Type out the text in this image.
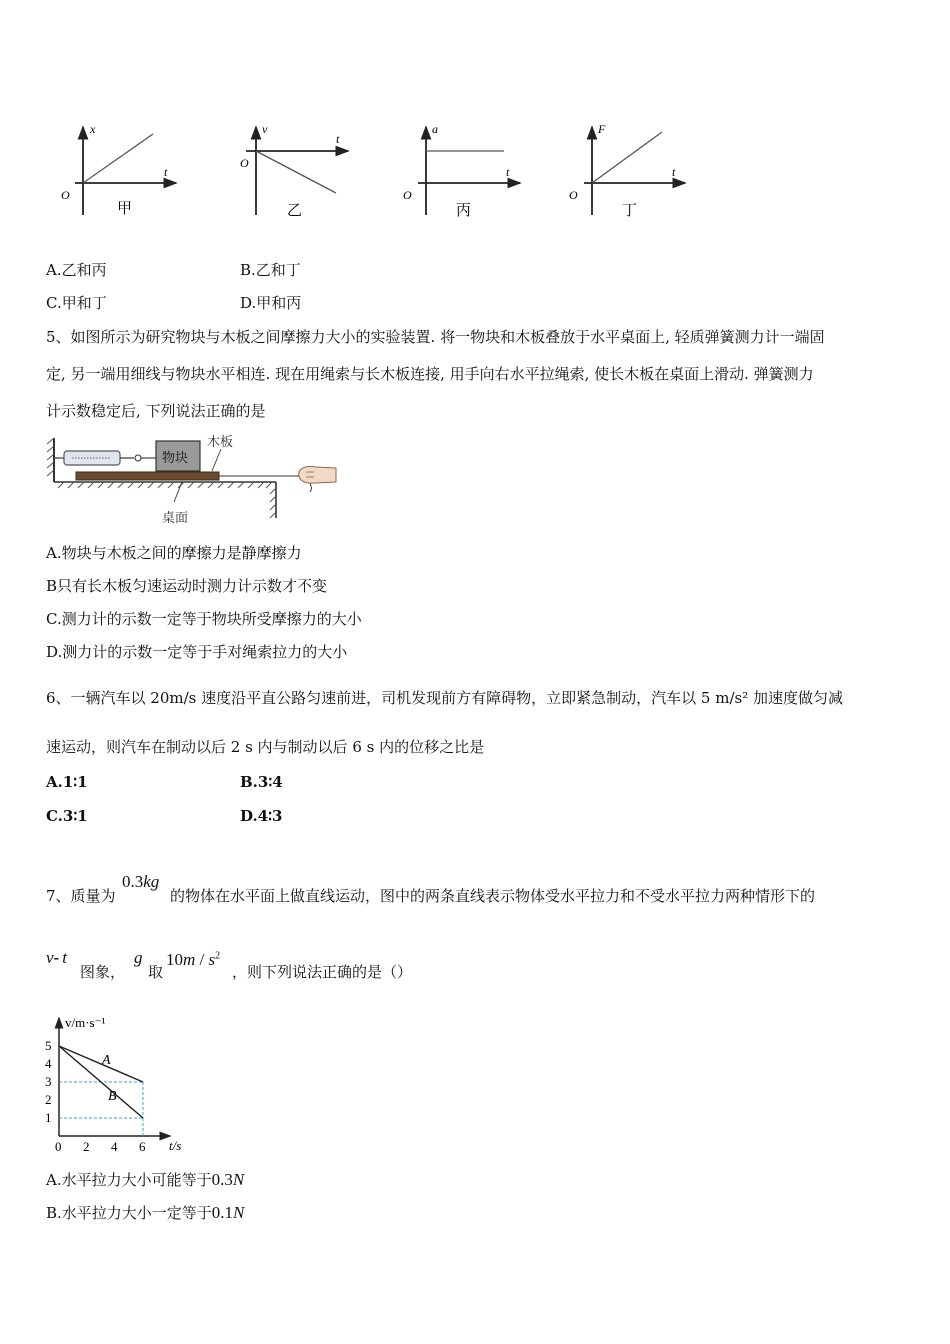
x
t
O
甲
v
t
O
乙
a
t
O
丙
F
t
O
丁
A.乙和丙	B.乙和丁
C.甲和丁	D.甲和丙
5、如图所示为研究物块与木板之间摩擦力大小的实验装置. 将一物块和木板叠放于水平桌面上, 轻质弹簧测力计一端固
定, 另一端用细线与物块水平相连. 现在用绳索与长木板连接, 用手向右水平拉绳索, 使长木板在桌面上滑动. 弹簧测力
计示数稳定后, 下列说法正确的是
物块
木板
桌面
A.物块与木板之间的摩擦力是静摩擦力
B只有长木板匀速运动时测力计示数才不变
C.测力计的示数一定等于物块所受摩擦力的大小
D.测力计的示数一定等于手对绳索拉力的大小
6、一辆汽车以 20m/s 速度沿平直公路匀速前进，司机发现前方有障碍物，立即紧急制动，汽车以 5 m/s² 加速度做匀减
速运动，则汽车在制动以后 2 s 内与制动以后 6 s 内的位移之比是
A.1∶1	B.3∶4
C.3∶1	D.4∶3
7、质量为
0.3kg
的物体在水平面上做直线运动，图中的两条直线表示物体受水平拉力和不受水平拉力两种情形下的
v- t
图象，
g
取
$10m / s^2$
，则下列说法正确的是（）
v/m·s⁻¹
t/s
0 2 4 6
1
2
3
4
5
A
B
A.水平拉力大小可能等于0.3N
B.水平拉力大小一定等于0.1N
